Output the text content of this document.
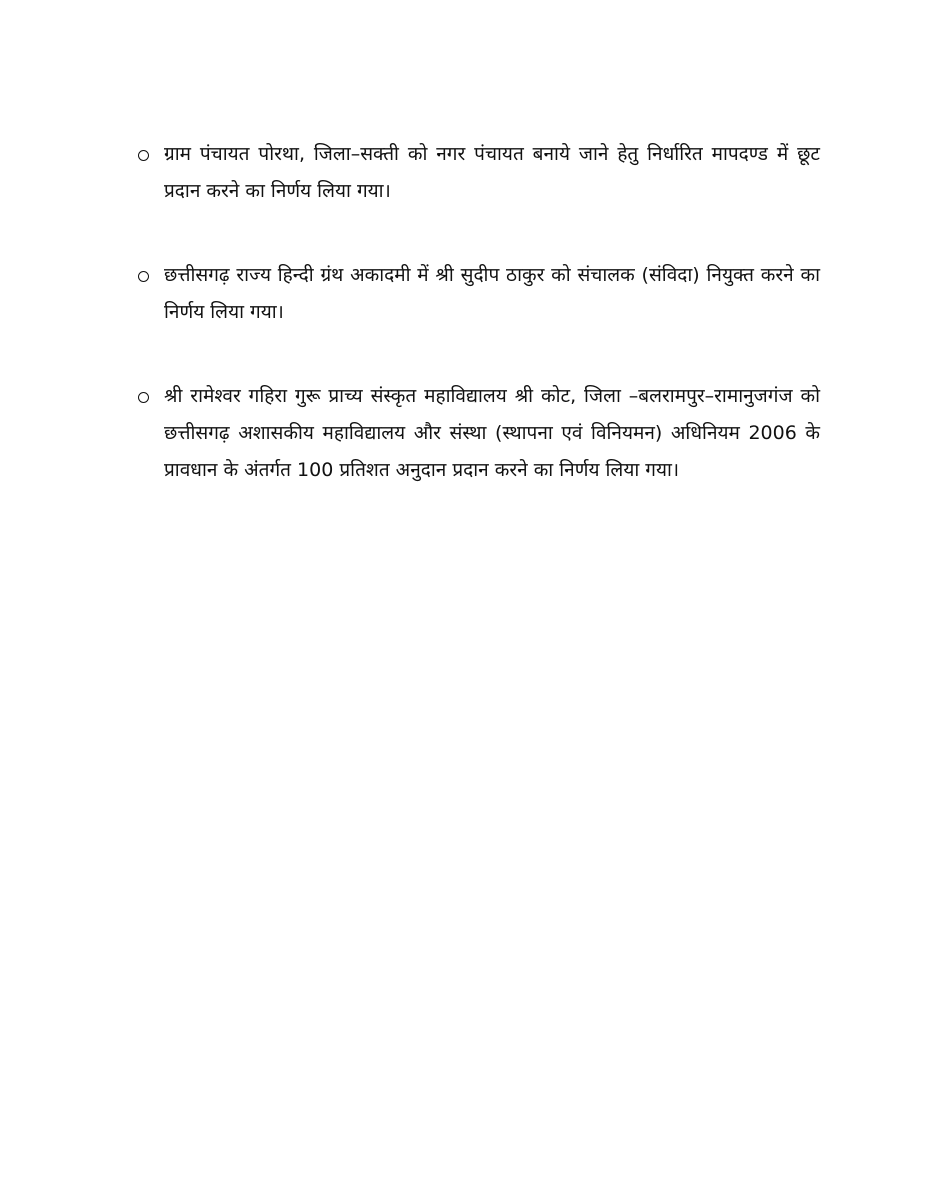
ग्राम पंचायत पोरथा, जिला–सक्ती को नगर पंचायत बनाये जाने हेतु निर्धारित मापदण्ड में छूट प्रदान करने का निर्णय लिया गया।
छत्तीसगढ़ राज्य हिन्दी ग्रंथ अकादमी में श्री सुदीप ठाकुर को संचालक (संविदा) नियुक्त करने का निर्णय लिया गया।
श्री रामेश्वर गहिरा गुरू प्राच्य संस्कृत महाविद्यालय श्री कोट, जिला –बलरामपुर–रामानुजगंज को छत्तीसगढ़ अशासकीय महाविद्यालय और संस्था (स्थापना एवं विनियमन) अधिनियम 2006 के प्रावधान के अंतर्गत 100 प्रतिशत अनुदान प्रदान करने का निर्णय लिया गया।
